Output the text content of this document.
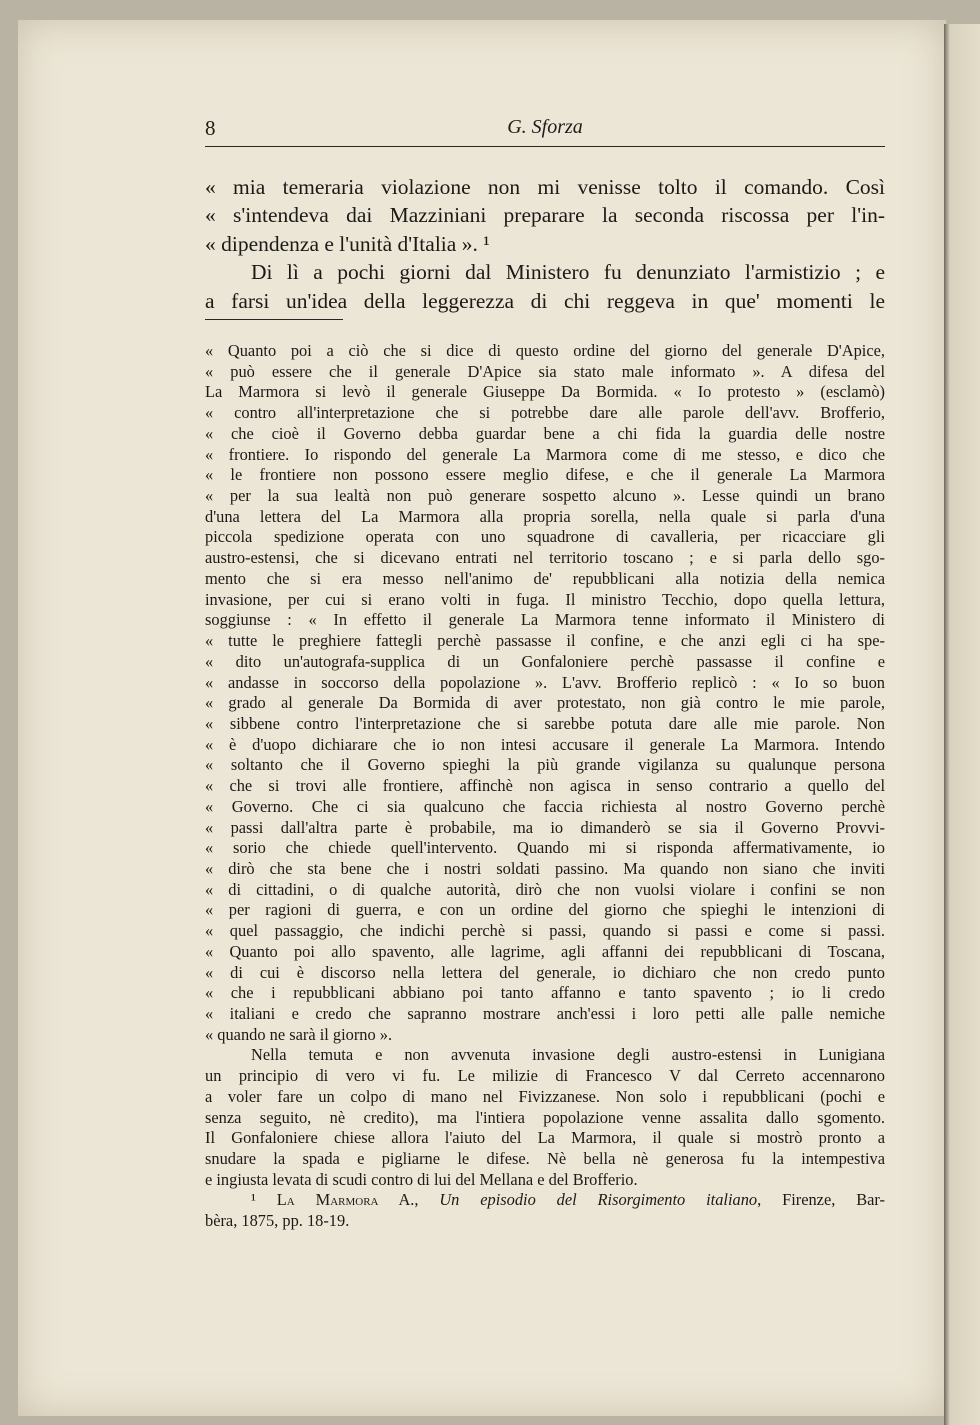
8	G. Sforza
« mia temeraria violazione non mi venisse tolto il comando. Così
« s'intendeva dai Mazziniani preparare la seconda riscossa per l'in-
« dipendenza e l'unità d'Italia ». ¹
Di lì a pochi giorni dal Ministero fu denunziato l'armistizio ; e
a farsi un'idea della leggerezza di chi reggeva in que' momenti le
« Quanto poi a ciò che si dice di questo ordine del giorno del generale D'Apice,
« può essere che il generale D'Apice sia stato male informato ». A difesa del
La Marmora si levò il generale Giuseppe Da Bormida. « Io protesto » (esclamò)
« contro all'interpretazione che si potrebbe dare alle parole dell'avv. Brofferio,
« che cioè il Governo debba guardar bene a chi fida la guardia delle nostre
« frontiere. Io rispondo del generale La Marmora come di me stesso, e dico che
« le frontiere non possono essere meglio difese, e che il generale La Marmora
« per la sua lealtà non può generare sospetto alcuno ». Lesse quindi un brano
d'una lettera del La Marmora alla propria sorella, nella quale si parla d'una
piccola spedizione operata con uno squadrone di cavalleria, per ricacciare gli
austro-estensi, che si dicevano entrati nel territorio toscano ; e si parla dello sgo-
mento che si era messo nell'animo de' repubblicani alla notizia della nemica
invasione, per cui si erano volti in fuga. Il ministro Tecchio, dopo quella lettura,
soggiunse : « In effetto il generale La Marmora tenne informato il Ministero di
« tutte le preghiere fattegli perchè passasse il confine, e che anzi egli ci ha spe-
« dito un'autografa-supplica di un Gonfaloniere perchè passasse il confine e
« andasse in soccorso della popolazione ». L'avv. Brofferio replicò : « Io so buon
« grado al generale Da Bormida di aver protestato, non già contro le mie parole,
« sibbene contro l'interpretazione che si sarebbe potuta dare alle mie parole. Non
« è d'uopo dichiarare che io non intesi accusare il generale La Marmora. Intendo
« soltanto che il Governo spieghi la più grande vigilanza su qualunque persona
« che si trovi alle frontiere, affinchè non agisca in senso contrario a quello del
« Governo. Che ci sia qualcuno che faccia richiesta al nostro Governo perchè
« passi dall'altra parte è probabile, ma io dimanderò se sia il Governo Provvi-
« sorio che chiede quell'intervento. Quando mi si risponda affermativamente, io
« dirò che sta bene che i nostri soldati passino. Ma quando non siano che inviti
« di cittadini, o di qualche autorità, dirò che non vuolsi violare i confini se non
« per ragioni di guerra, e con un ordine del giorno che spieghi le intenzioni di
« quel passaggio, che indichi perchè si passi, quando si passi e come si passi.
« Quanto poi allo spavento, alle lagrime, agli affanni dei repubblicani di Toscana,
« di cui è discorso nella lettera del generale, io dichiaro che non credo punto
« che i repubblicani abbiano poi tanto affanno e tanto spavento ; io li credo
« italiani e credo che sapranno mostrare anch'essi i loro petti alle palle nemiche
« quando ne sarà il giorno ».
Nella temuta e non avvenuta invasione degli austro-estensi in Lunigiana
un principio di vero vi fu. Le milizie di Francesco V dal Cerreto accennarono
a voler fare un colpo di mano nel Fivizzanese. Non solo i repubblicani (pochi e
senza seguito, nè credito), ma l'intiera popolazione venne assalita dallo sgomento.
Il Gonfaloniere chiese allora l'aiuto del La Marmora, il quale si mostrò pronto a
snudare la spada e pigliarne le difese. Nè bella nè generosa fu la intempestiva
e ingiusta levata di scudi contro di lui del Mellana e del Brofferio.
¹ La Marmora A., Un episodio del Risorgimento italiano, Firenze, Bar-
bèra, 1875, pp. 18-19.
